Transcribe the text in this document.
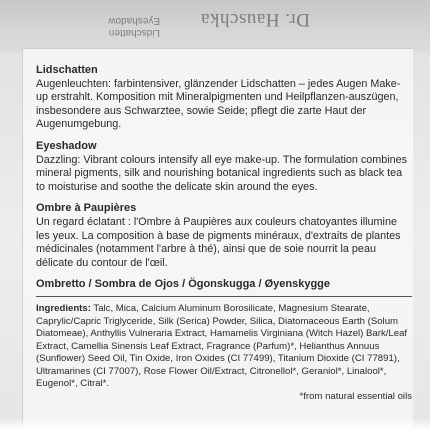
Dr. Hauschka
Lidschatten
Eyeshadow

Lidschatten

Augenleuchten: farbintensiver, glänzender Lidschatten – jedes Augen Make-up erstrahlt. Komposition mit Mineralpigmenten und Heilpflanzen-auszügen, insbesondere aus Schwarztee, sowie Seide; pflegt die zarte Haut der Augenumgebung.

Eyeshadow

Dazzling: Vibrant colours intensify all eye make-up. The formulation combines mineral pigments, silk and nourishing botanical ingredients such as black tea to moisturise and soothe the delicate skin around the eyes.

Ombre à Paupières

Un regard éclatant : l'Ombre à Paupières aux couleurs chatoyantes illumine les yeux. La composition à base de pigments minéraux, d'extraits de plantes médicinales (notamment l'arbre à thé), ainsi que de soie nourrit la peau délicate du contour de l'œil.

Ombretto / Sombra de Ojos / Ögonskugga / Øyenskygge

Ingredients: Talc, Mica, Calcium Aluminum Borosilicate, Magnesium Stearate, Caprylic/Capric Triglyceride, Silk (Serica) Powder, Silica, Diatomaceous Earth (Solum Diatomeae), Anthyllis Vulneraria Extract, Hamamelis Virginiana (Witch Hazel) Bark/Leaf Extract, Camellia Sinensis Leaf Extract, Fragrance (Parfum)*, Helianthus Annuus (Sunflower) Seed Oil, Tin Oxide, Iron Oxides (CI 77499), Titanium Dioxide (CI 77891), Ultramarines (CI 77007), Rose Flower Oil/Extract, Citronellol*, Geraniol*, Linalool*, Eugenol*, Citral*. *from natural essential oils
